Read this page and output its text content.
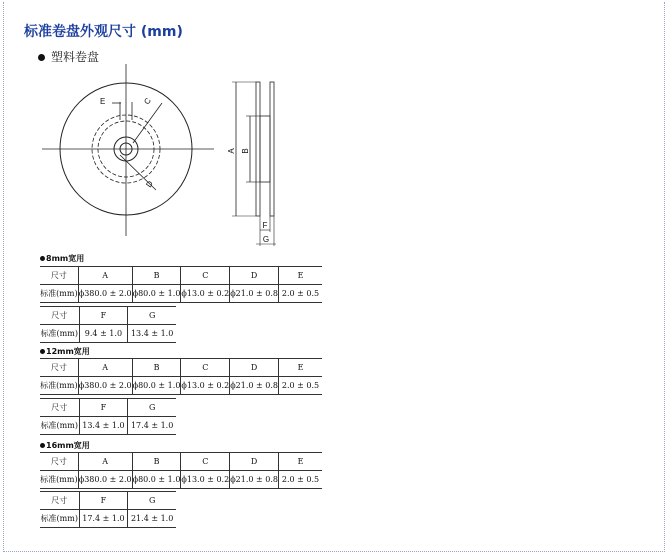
标准卷盘外观尺寸 (mm)
塑料卷盘
E	C
D
A B
F
G
8mm宽用
尺寸	A	B	C	D	E
标准(mm)	ϕ380.0 ± 2.0	ϕ80.0 ± 1.0	ϕ13.0 ± 0.2	ϕ21.0 ± 0.8	2.0 ± 0.5
尺寸	F	G
标准(mm)	9.4 ± 1.0	13.4 ± 1.0
12mm宽用
尺寸	A	B	C	D	E
标准(mm)	ϕ380.0 ± 2.0	ϕ80.0 ± 1.0	ϕ13.0 ± 0.2	ϕ21.0 ± 0.8	2.0 ± 0.5
尺寸	F	G
标准(mm)	13.4 ± 1.0	17.4 ± 1.0
16mm宽用
尺寸	A	B	C	D	E
标准(mm)	ϕ380.0 ± 2.0	ϕ80.0 ± 1.0	ϕ13.0 ± 0.2	ϕ21.0 ± 0.8	2.0 ± 0.5
尺寸	F	G
标准(mm)	17.4 ± 1.0	21.4 ± 1.0
